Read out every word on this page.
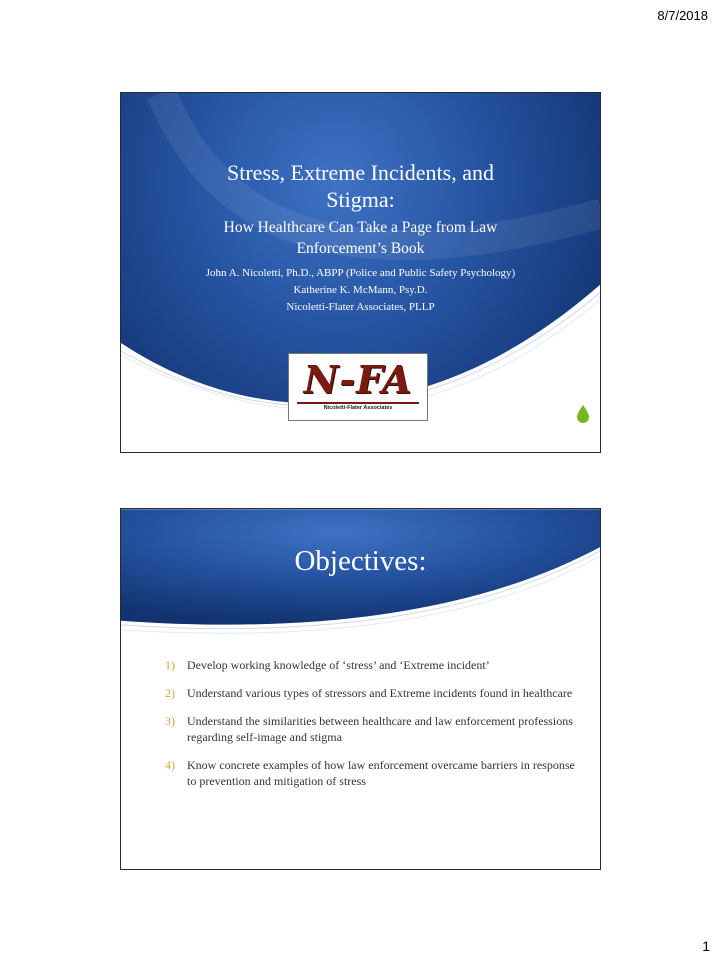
8/7/2018
Stress, Extreme Incidents, and
Stigma:
How Healthcare Can Take a Page from Law
Enforcement’s Book
John A. Nicoletti, Ph.D., ABPP (Police and Public Safety Psychology)
Katherine K. McMann, Psy.D.
Nicoletti-Flater Associates, PLLP
N-FA
Nicoletti-Flater Associates
Objectives:
1)	Develop working knowledge of ‘stress’ and ‘Extreme incident’
2)	Understand various types of stressors and Extreme incidents found in healthcare
3)	Understand the similarities between healthcare and law enforcement professions regarding self-image and stigma
4)	Know concrete examples of how law enforcement overcame barriers in response to prevention and mitigation of stress
1
